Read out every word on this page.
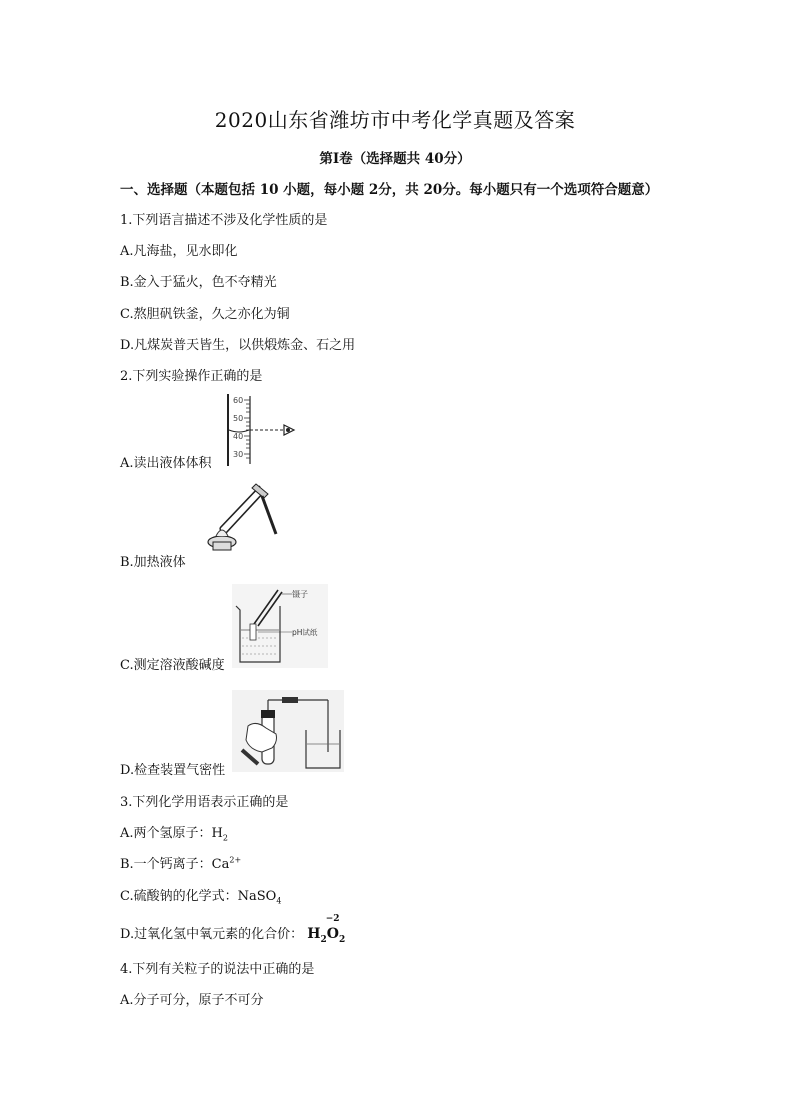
2020山东省潍坊市中考化学真题及答案
第Ⅰ卷（选择题共 40分）
一、选择题（本题包括 10 小题，每小题 2分，共 20分。每小题只有一个选项符合题意）
1.下列语言描述不涉及化学性质的是
A.凡海盐，见水即化
B.金入于猛火，色不夺精光
C.熬胆矾铁釜，久之亦化为铜
D.凡煤炭普天皆生，以供煅炼金、石之用
2.下列实验操作正确的是
60
50
40
30
A.读出液体体积
B.加热液体
镊子
pH试纸
C.测定溶液酸碱度
D.检查装置气密性
3.下列化学用语表示正确的是
A.两个氢原子：$H_2$
B.一个钙离子：$Ca^{2+}$
C.硫酸钠的化学式：NaSO$_4$
D.过氧化氢中氧元素的化合价： $H_2$
−2
$O_2$
4.下列有关粒子的说法中正确的是
A.分子可分，原子不可分
